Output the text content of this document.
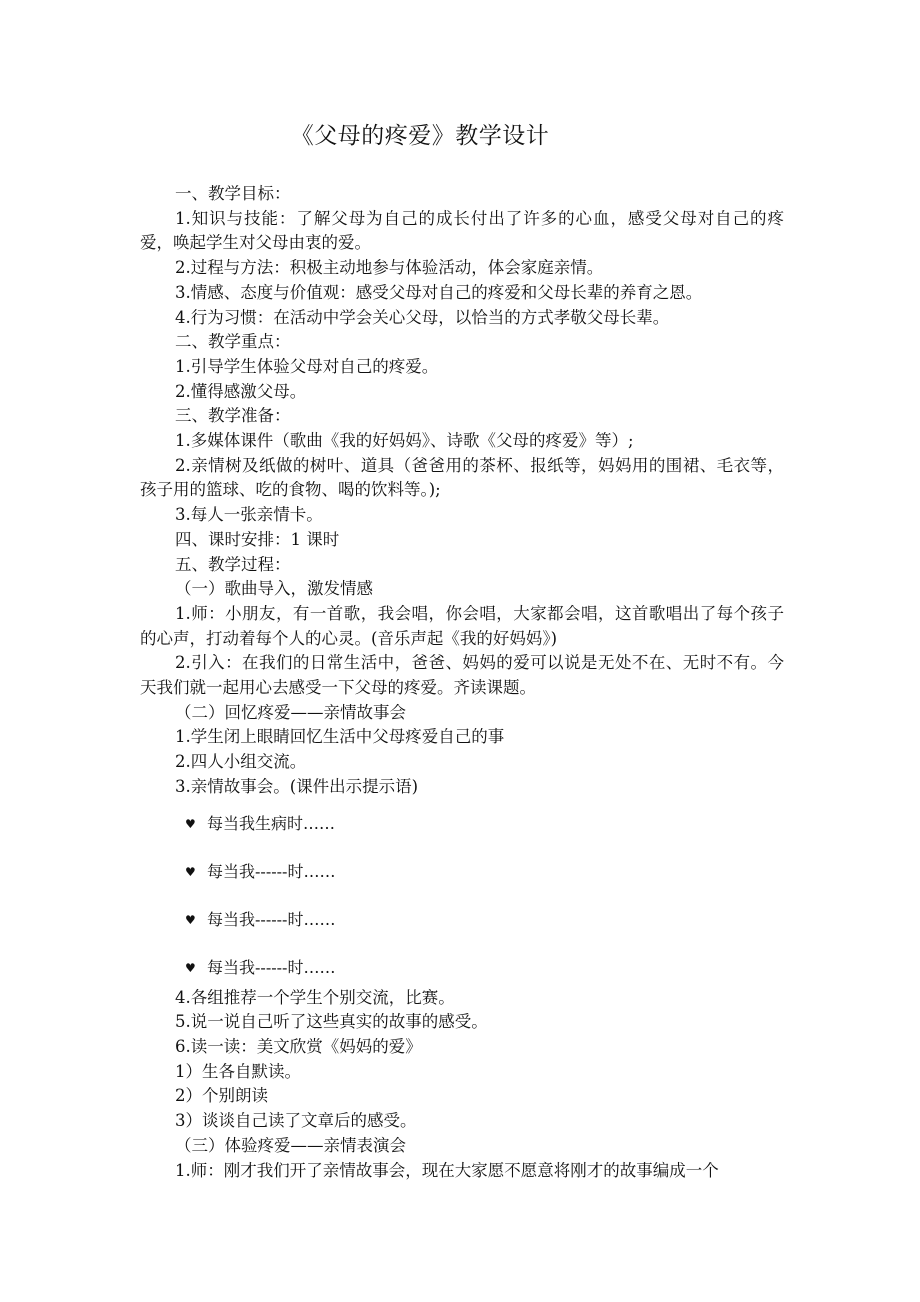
《父母的疼爱》教学设计

一、教学目标：

1.知识与技能：了解父母为自己的成长付出了许多的心血，感受父母对自己的疼爱，唤起学生对父母由衷的爱。

2.过程与方法：积极主动地参与体验活动，体会家庭亲情。

3.情感、态度与价值观：感受父母对自己的疼爱和父母长辈的养育之恩。

4.行为习惯：在活动中学会关心父母，以恰当的方式孝敬父母长辈。

二、教学重点：

1.引导学生体验父母对自己的疼爱。

2.懂得感激父母。

三、教学准备：

1.多媒体课件（歌曲《我的好妈妈》、诗歌《父母的疼爱》等）;

2.亲情树及纸做的树叶、道具（爸爸用的茶杯、报纸等，妈妈用的围裙、毛衣等，孩子用的篮球、吃的食物、喝的饮料等。);

3.每人一张亲情卡。

四、课时安排：1 课时

五、教学过程：

（一）歌曲导入，激发情感

1.师：小朋友，有一首歌，我会唱，你会唱，大家都会唱，这首歌唱出了每个孩子的心声，打动着每个人的心灵。(音乐声起《我的好妈妈》)

2.引入：在我们的日常生活中，爸爸、妈妈的爱可以说是无处不在、无时不有。今天我们就一起用心去感受一下父母的疼爱。齐读课题。

（二）回忆疼爱——亲情故事会

1.学生闭上眼睛回忆生活中父母疼爱自己的事

2.四人小组交流。

3.亲情故事会。(课件出示提示语)

♥ 每当我生病时……
♥ 每当我------时……
♥ 每当我------时……
♥ 每当我------时……

4.各组推荐一个学生个别交流，比赛。

5.说一说自己听了这些真实的故事的感受。

6.读一读：美文欣赏《妈妈的爱》

1）生各自默读。

2）个别朗读

3）谈谈自己读了文章后的感受。

（三）体验疼爱——亲情表演会

1.师：刚才我们开了亲情故事会，现在大家愿不愿意将刚才的故事编成一个
